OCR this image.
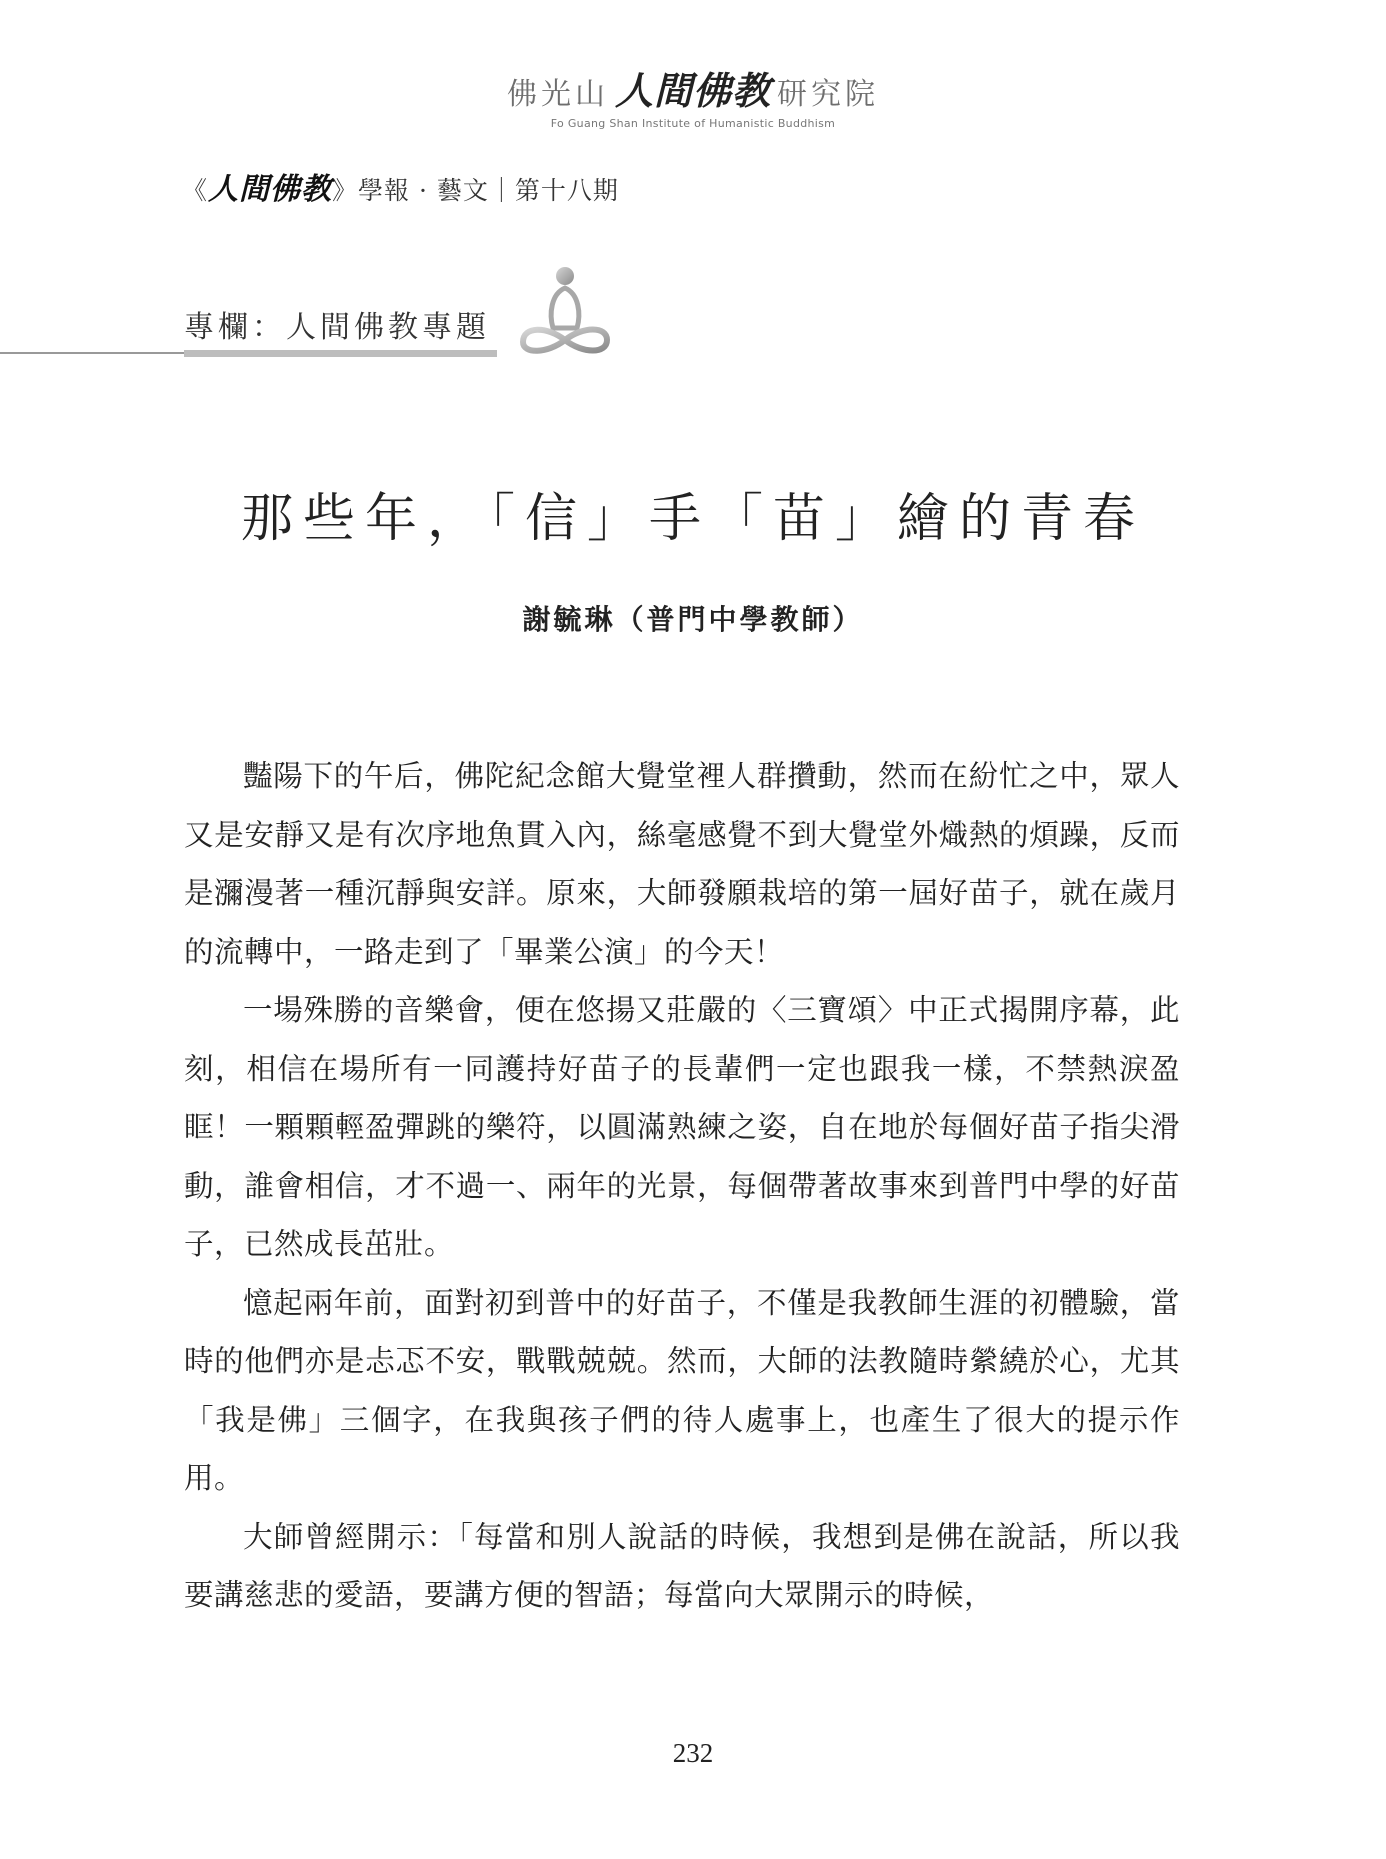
佛光山 人間佛教 研究院
Fo Guang Shan Institute of Humanistic Buddhism
《人間佛教》學報 · 藝文｜第十八期
專欄：人間佛教專題
那些年，「信」手「苗」繪的青春
謝毓琳（普門中學教師）

豔陽下的午后，佛陀紀念館大覺堂裡人群攢動，然而在紛忙之中，眾人又是安靜又是有次序地魚貫入內，絲毫感覺不到大覺堂外熾熱的煩躁，反而是瀰漫著一種沉靜與安詳。原來，大師發願栽培的第一屆好苗子，就在歲月的流轉中，一路走到了「畢業公演」的今天！

一場殊勝的音樂會，便在悠揚又莊嚴的〈三寶頌〉中正式揭開序幕，此刻，相信在場所有一同護持好苗子的長輩們一定也跟我一樣，不禁熱淚盈眶！一顆顆輕盈彈跳的樂符，以圓滿熟練之姿，自在地於每個好苗子指尖滑動，誰會相信，才不過一、兩年的光景，每個帶著故事來到普門中學的好苗子，已然成長茁壯。

憶起兩年前，面對初到普中的好苗子，不僅是我教師生涯的初體驗，當時的他們亦是忐忑不安，戰戰兢兢。然而，大師的法教隨時縈繞於心，尤其「我是佛」三個字，在我與孩子們的待人處事上，也產生了很大的提示作用。

大師曾經開示：「每當和別人說話的時候，我想到是佛在說話，所以我要講慈悲的愛語，要講方便的智語；每當向大眾開示的時候，

232
